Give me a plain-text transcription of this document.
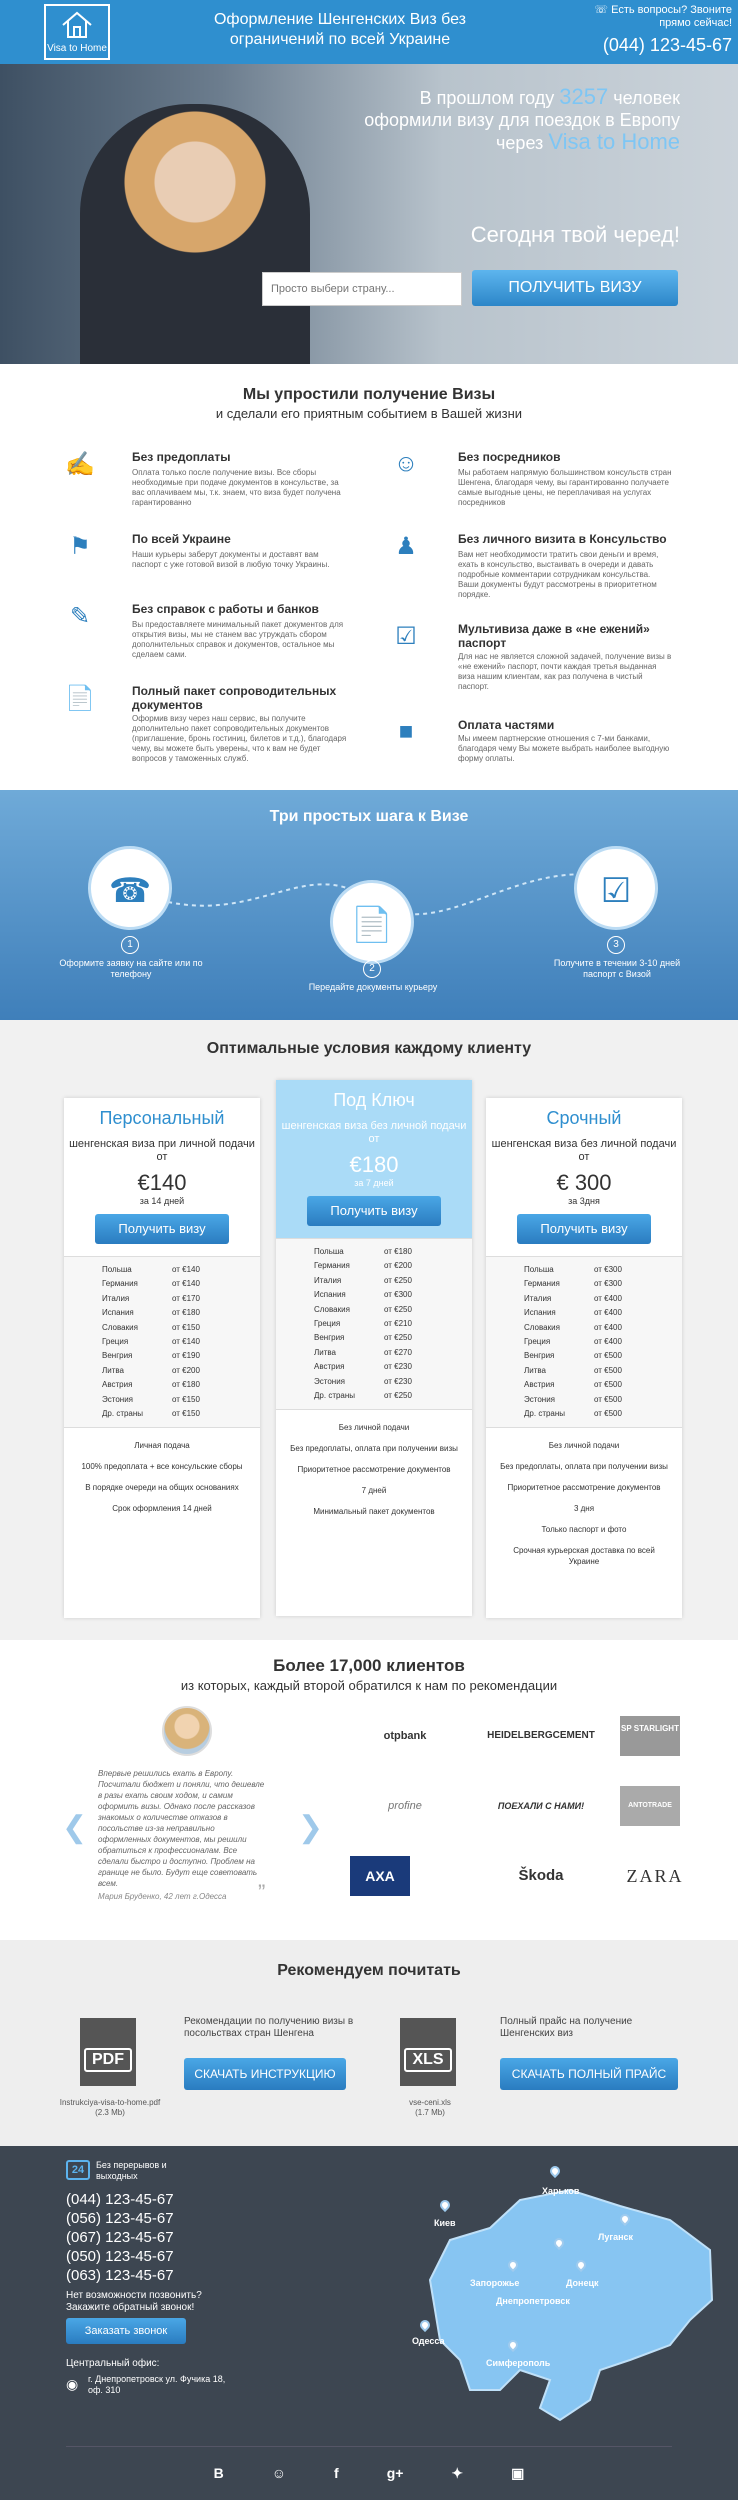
Visa to Home
Оформление Шенгенских Виз без ограничений по всей Украине
☏ Есть вопросы? Звоните прямо сейчас!
(044) 123-45-67
В прошлом году 3257 человек
оформили визу для поездок в Европу
через Visa to Home
Сегодня твой черед!
Просто выбери страну...
ПОЛУЧИТЬ ВИЗУ
Мы упростили получение Визы
и сделали его приятным событием в Вашей жизни
✍	Без предоплаты
Оплата только после получение визы. Все сборы необходимые при подаче документов в консульстве, за вас оплачиваем мы, т.к. знаем, что виза будет получена гарантированно
☺	Без посредников
Мы работаем напрямую большинством консульств стран Шенгена, благодаря чему, вы гарантированно получаете самые выгодные цены, не переплачивая на услугах посредников
⚑	По всей Украине
Наши курьеры заберут документы и доставят вам паспорт с уже готовой визой в любую точку Украины.
♟	Без личного визита в Консульство
Вам нет необходимости тратить свои деньги и время, ехать в консульство, выстаивать в очереди и давать подробные комментарии сотрудникам консульства. Ваши документы будут рассмотрены в приоритетном порядке.
✎	Без справок с работы и банков
Вы предоставляете минимальный пакет документов для открытия визы, мы не станем вас утруждать сбором дополнительных справок и документов, остальное мы сделаем сами.
☑	Мультивиза даже в «не ежений» паспорт
Для нас не является сложной задачей, получение визы в «не ежений» паспорт, почти каждая третья выданная виза нашим клиентам, как раз получена в чистый паспорт.
📄	Полный пакет сопроводительных документов
Оформив визу через наш сервис, вы получите дополнительно пакет сопроводительных документов (приглашение, бронь гостиниц, билетов и т.д.), благодаря чему, вы можете быть уверены, что к вам не будет вопросов у таможенных служб.
■	Оплата частями
Мы имеем партнерские отношения с 7-ми банками, благодаря чему Вы можете выбрать наиболее выгодную форму оплаты.
Три простых шага к Визе
☎
1
Оформите заявку на сайте или по телефону
📄
2
Передайте документы курьеру
☑
3
Получите в течении 3-10 дней паспорт с Визой
Оптимальные условия каждому клиенту
Персональный
шенгенская виза при личной подачи от
€140
за 14 дней
Получить визу
Польша	от €140
Германия	от €140
Италия	от €170
Испания	от €180
Словакия	от €150
Греция	от €140
Венгрия	от €190
Литва	от €200
Австрия	от €180
Эстония	от €150
Др. страны	от €150
Личная подача
100% предоплата + все консульские сборы
В порядке очереди на общих основаниях
Срок оформления 14 дней
Под Ключ
шенгенская виза без личной подачи от
€180
за 7 дней
Получить визу
Польша	от €180
Германия	от €200
Италия	от €250
Испания	от €300
Словакия	от €250
Греция	от €210
Венгрия	от €250
Литва	от €270
Австрия	от €230
Эстония	от €230
Др. страны	от €250
Без личной подачи
Без предоплаты, оплата при получении визы
Приоритетное рассмотрение документов
7 дней
Минимальный пакет документов
Срочный
шенгенская виза без личной подачи от
€ 300
за 3дня
Получить визу
Польша	от €300
Германия	от €300
Италия	от €400
Испания	от €400
Словакия	от €400
Греция	от €400
Венгрия	от €500
Литва	от €500
Австрия	от €500
Эстония	от €500
Др. страны	от €500
Без личной подачи
Без предоплаты, оплата при получении визы
Приоритетное рассмотрение документов
3 дня
Только паспорт и фото
Срочная курьерская доставка по всей Украине
Более 17,000 клиентов
из которых, каждый второй обратился к нам по рекомендации
Впервые решились ехать в Европу. Посчитали бюджет и поняли, что дешевле в разы ехать своим ходом, и самим оформить визы. Однако после рассказов знакомых о количестве отказов в посольстве из-за неправильно оформленных документов, мы решили обратиться к профессионалам. Все сделали быстро и доступно. Проблем на границе не было. Будут еще советовать всем.
Мария Бруденко, 42 лет г.Одесса
❮	❯
”
otpbank	HEIDELBERGCEMENT
SP STARLIGHT
profine	ПОЕХАЛИ С НАМИ!	ANTOTRADE
AXA	Škoda	ZARA
Рекомендуем почитать
PDF
Рекомендации по получению визы в посольствах стран Шенгена
СКАЧАТЬ ИНСТРУКЦИЮ
Instrukciya-visa-to-home.pdf
(2.3 Mb)
XLS
Полный прайс на получение Шенгенских виз
СКАЧАТЬ ПОЛНЫЙ ПРАЙС
vse-ceni.xls
(1.7 Mb)
24	Без перерывов и выходных
(044) 123-45-67
(056) 123-45-67
(067) 123-45-67
(050) 123-45-67
(063) 123-45-67
Нет возможности позвонить? Закажите обратный звонок!
Заказать звонок
Центральный офис:
◉ г. Днепропетровск ул. Фучика 18, оф. 310
Киев
Харьков
Луганск
Запорожье	Донецк
Днепропетровск
Одесса
Симферополь
B	☺	f	g+	✦	▣
